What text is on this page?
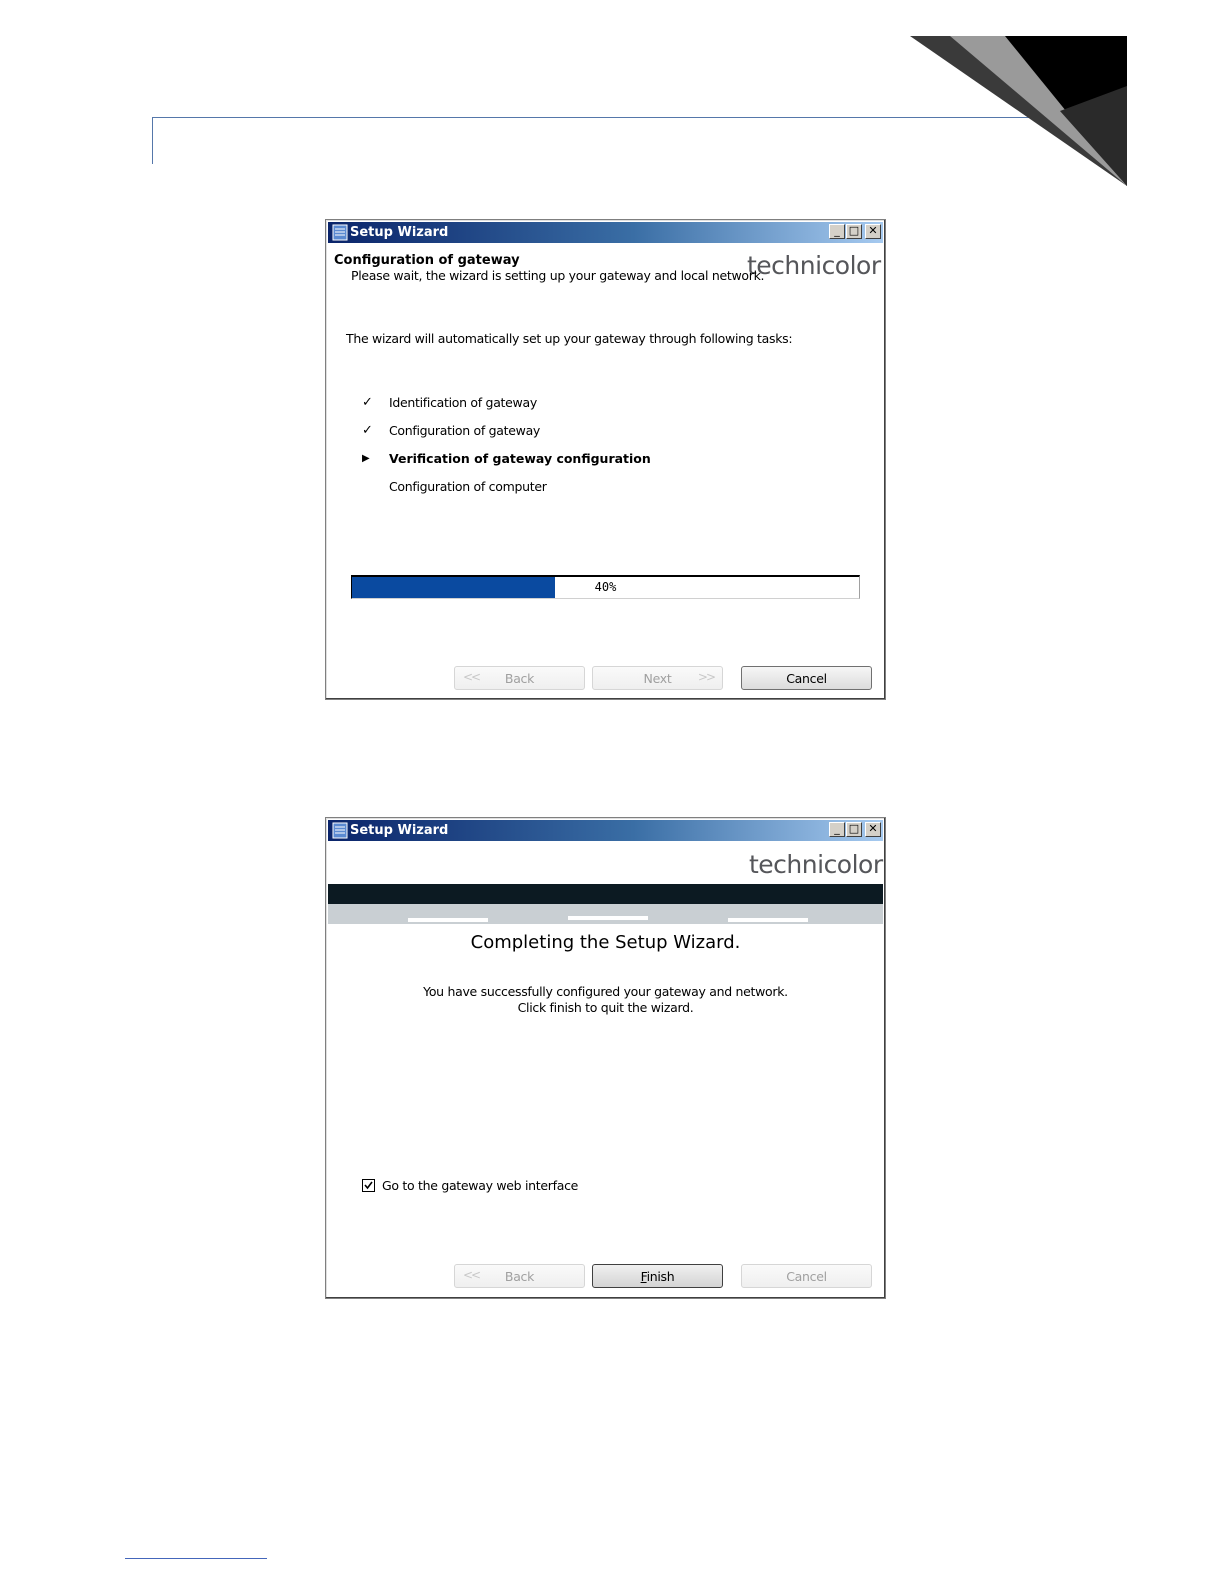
Setup Wizard	_ □ ✕
technicolor
Configuration of gateway
Please wait, the wizard is setting up your gateway and local network.
The wizard will automatically set up your gateway through following tasks:
✓ Identification of gateway
✓ Configuration of gateway
▶	Verification of gateway configuration
Configuration of computer
40%
<<	Back	Next	>>	Cancel
Setup Wizard	_ □ ✕
technicolor
Completing the Setup Wizard.
You have successfully configured your gateway and network.
Click finish to quit the wizard.
Go to the gateway web interface
<<	Back	Finish	Cancel
